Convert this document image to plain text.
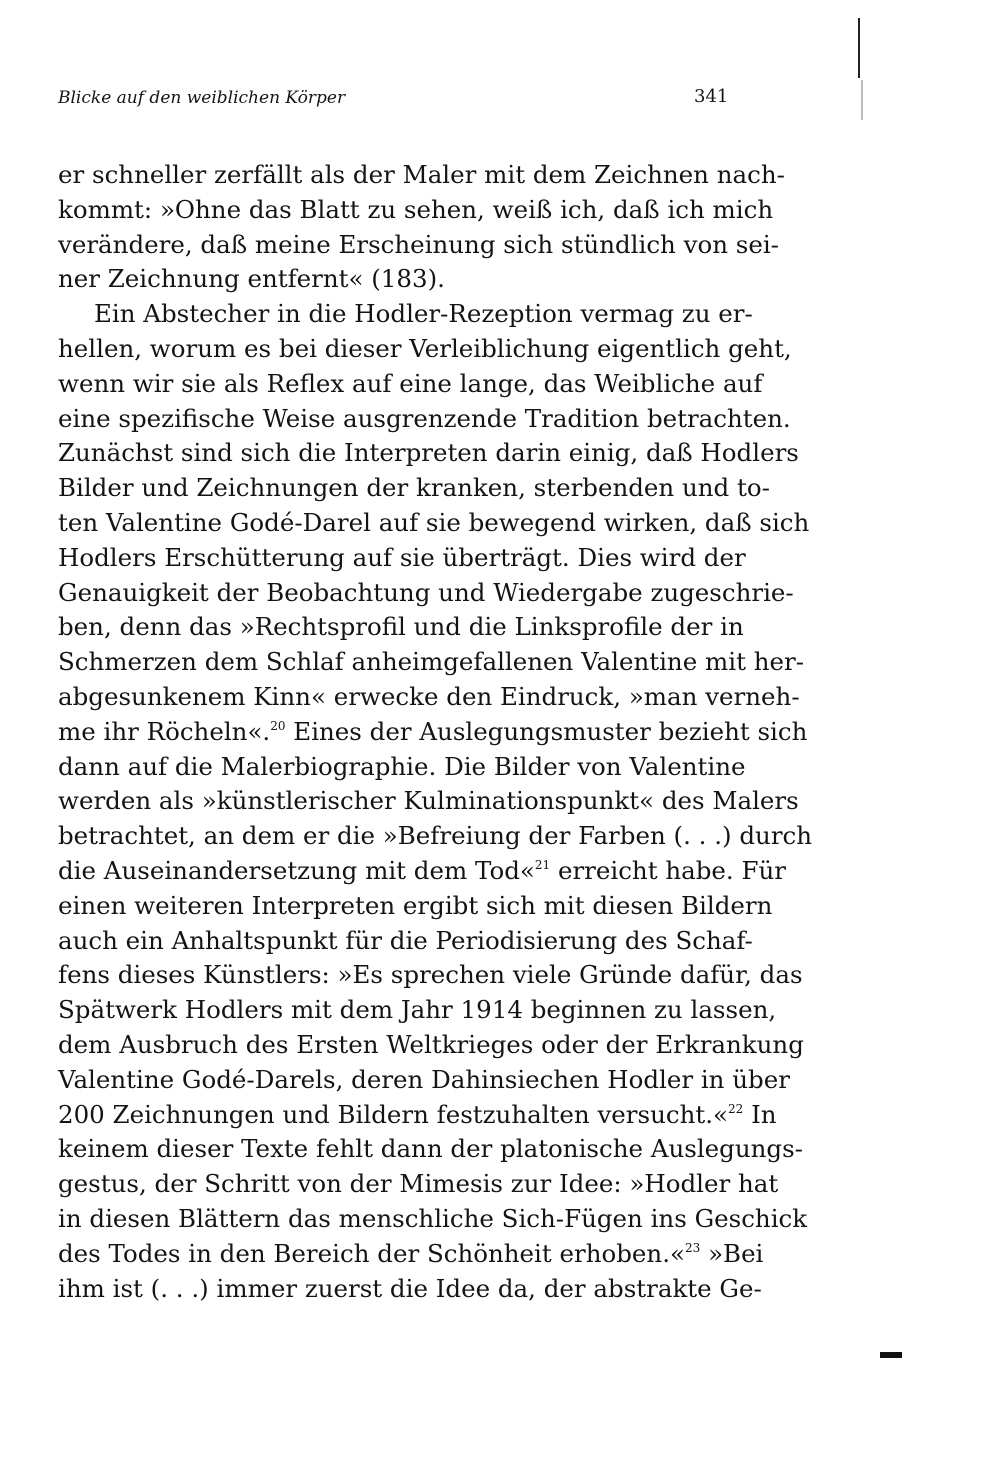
Blicke auf den weiblichen Körper	341
er schneller zerfällt als der Maler mit dem Zeichnen nach-
kommt: »Ohne das Blatt zu sehen, weiß ich, daß ich mich
verändere, daß meine Erscheinung sich stündlich von sei-
ner Zeichnung entfernt« (183).
Ein Abstecher in die Hodler-Rezeption vermag zu er-
hellen, worum es bei dieser Verleiblichung eigentlich geht,
wenn wir sie als Reflex auf eine lange, das Weibliche auf
eine spezifische Weise ausgrenzende Tradition betrachten.
Zunächst sind sich die Interpreten darin einig, daß Hodlers
Bilder und Zeichnungen der kranken, sterbenden und to-
ten Valentine Godé-Darel auf sie bewegend wirken, daß sich
Hodlers Erschütterung auf sie überträgt. Dies wird der
Genauigkeit der Beobachtung und Wiedergabe zugeschrie-
ben, denn das »Rechtsprofil und die Linksprofile der in
Schmerzen dem Schlaf anheimgefallenen Valentine mit her-
abgesunkenem Kinn« erwecke den Eindruck, »man verneh-
me ihr Röcheln«.$^{20}$ Eines der Auslegungsmuster bezieht sich
dann auf die Malerbiographie. Die Bilder von Valentine
werden als »künstlerischer Kulminationspunkt« des Malers
betrachtet, an dem er die »Befreiung der Farben (. . .) durch
die Auseinandersetzung mit dem Tod«$^{21}$ erreicht habe. Für
einen weiteren Interpreten ergibt sich mit diesen Bildern
auch ein Anhaltspunkt für die Periodisierung des Schaf-
fens dieses Künstlers: »Es sprechen viele Gründe dafür, das
Spätwerk Hodlers mit dem Jahr 1914 beginnen zu lassen,
dem Ausbruch des Ersten Weltkrieges oder der Erkrankung
Valentine Godé-Darels, deren Dahinsiechen Hodler in über
200 Zeichnungen und Bildern festzuhalten versucht.«$^{22}$ In
keinem dieser Texte fehlt dann der platonische Auslegungs-
gestus, der Schritt von der Mimesis zur Idee: »Hodler hat
in diesen Blättern das menschliche Sich-Fügen ins Geschick
des Todes in den Bereich der Schönheit erhoben.«$^{23}$ »Bei
ihm ist (. . .) immer zuerst die Idee da, der abstrakte Ge-
